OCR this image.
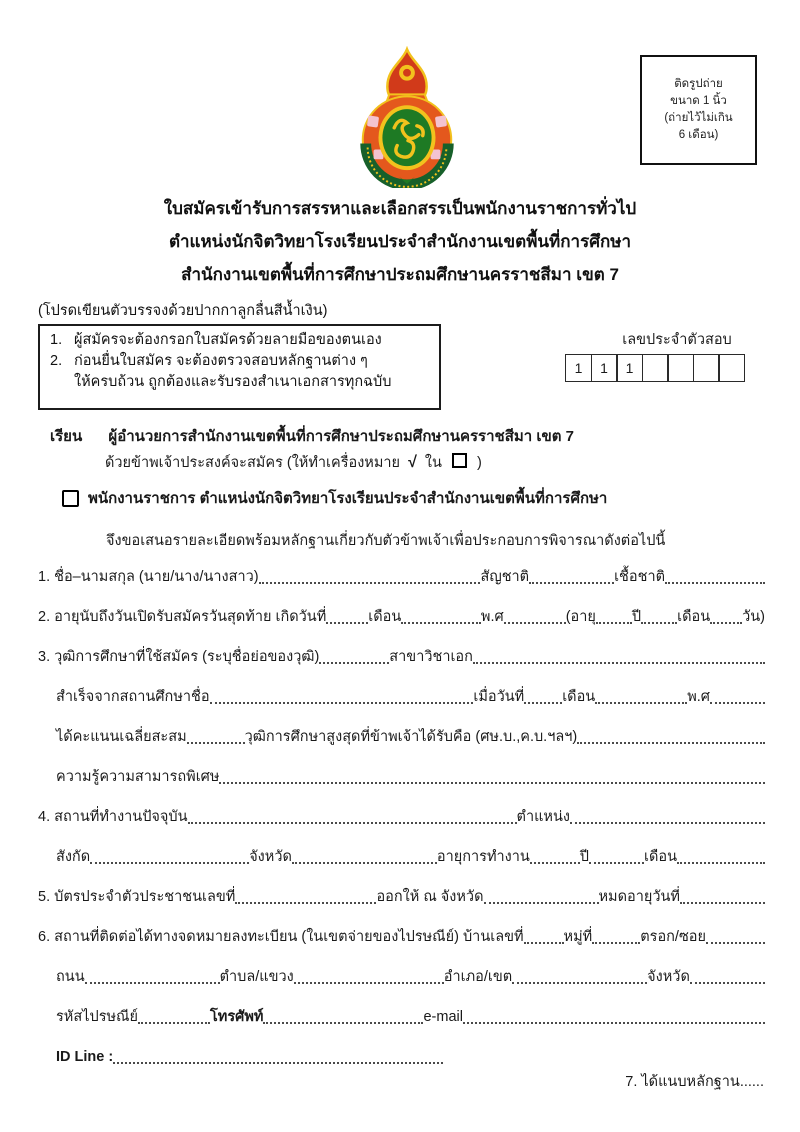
ติดรูปถ่าย
ขนาด 1 นิ้ว
(ถ่ายไว้ไม่เกิน
6 เดือน)
ใบสมัครเข้ารับการสรรหาและเลือกสรรเป็นพนักงานราชการทั่วไป
ตำแหน่งนักจิตวิทยาโรงเรียนประจำสำนักงานเขตพื้นที่การศึกษา
สำนักงานเขตพื้นที่การศึกษาประถมศึกษานครราชสีมา เขต 7
(โปรดเขียนตัวบรรจงด้วยปากกาลูกลื่นสีน้ำเงิน)
1. ผู้สมัครจะต้องกรอกใบสมัครด้วยลายมือของตนเอง
2. ก่อนยื่นใบสมัคร จะต้องตรวจสอบหลักฐานต่าง ๆ
ให้ครบถ้วน ถูกต้องและรับรองสำเนาเอกสารทุกฉบับ
เลขประจำตัวสอบ
1	1	1
เรียน ผู้อำนวยการสำนักงานเขตพื้นที่การศึกษาประถมศึกษานครราชสีมา เขต 7
ด้วยข้าพเจ้าประสงค์จะสมัคร (ให้ทำเครื่องหมาย √ ใน )
พนักงานราชการ ตำแหน่งนักจิตวิทยาโรงเรียนประจำสำนักงานเขตพื้นที่การศึกษา
จึงขอเสนอรายละเอียดพร้อมหลักฐานเกี่ยวกับตัวข้าพเจ้าเพื่อประกอบการพิจารณาดังต่อไปนี้
1. ชื่อ–นามสกุล (นาย/นาง/นางสาว)	สัญชาติ	เชื้อชาติ
2. อายุนับถึงวันเปิดรับสมัครวันสุดท้าย เกิดวันที่	เดือน	พ.ศ	(อายุ ปี เดือน วัน)
3. วุฒิการศึกษาที่ใช้สมัคร (ระบุชื่อย่อของวุฒิ)	สาขาวิชาเอก
สำเร็จจากสถานศึกษาชื่อ	เมื่อวันที่	เดือน	พ.ศ
ได้คะแนนเฉลี่ยสะสม	วุฒิการศึกษาสูงสุดที่ข้าพเจ้าได้รับคือ (ศษ.บ.,ค.บ.ฯลฯ)
ความรู้ความสามารถพิเศษ
4. สถานที่ทำงานปัจจุบัน	ตำแหน่ง
สังกัด	จังหวัด	อายุการทำงาน	ปี	เดือน
5. บัตรประจำตัวประชาชนเลขที่	ออกให้ ณ จังหวัด	หมดอายุวันที่
6. สถานที่ติดต่อได้ทางจดหมายลงทะเบียน (ในเขตจ่ายของไปรษณีย์) บ้านเลขที่	หมู่ที่	ตรอก/ซอย
ถนน	ตำบล/แขวง	อำเภอ/เขต	จังหวัด
รหัสไปรษณีย์	โทรศัพท์	e-mail
ID Line :
7. ได้แนบหลักฐาน......
